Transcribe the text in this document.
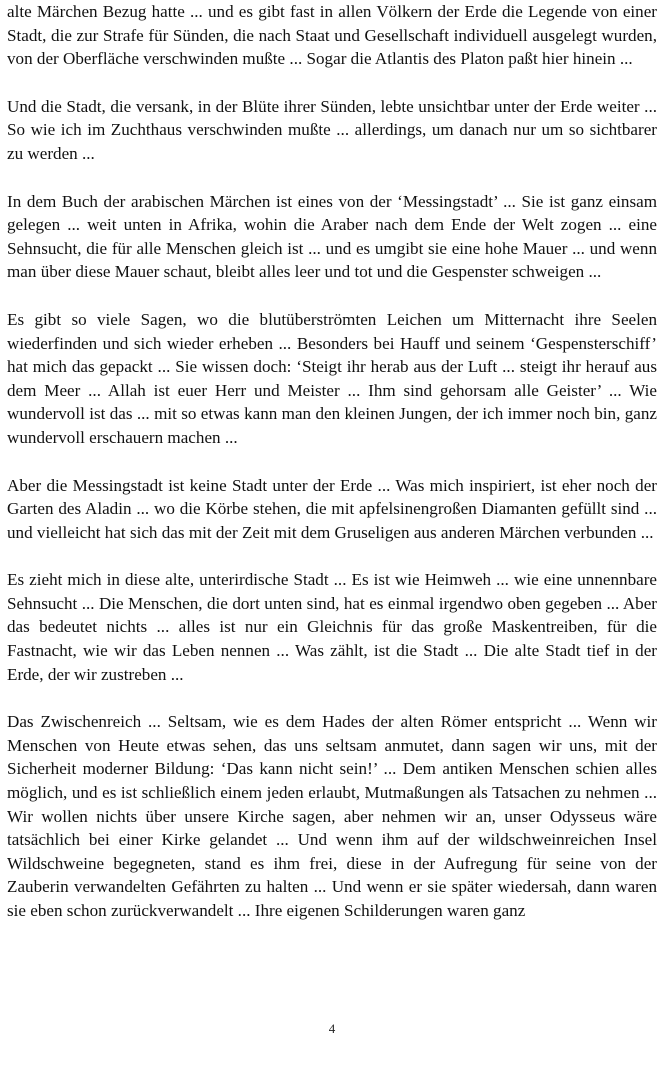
alte Märchen Bezug hatte ... und es gibt fast in allen Völkern der Erde die Legende von einer Stadt, die zur Strafe für Sünden, die nach Staat und Gesellschaft individuell ausgelegt wurden, von der Oberfläche verschwinden mußte ... Sogar die Atlantis des Platon paßt hier hinein ...

Und die Stadt, die versank, in der Blüte ihrer Sünden, lebte unsichtbar unter der Erde weiter ... So wie ich im Zuchthaus verschwinden mußte ... allerdings, um danach nur um so sichtbarer zu werden ...

In dem Buch der arabischen Märchen ist eines von der ‘Messingstadt’ ... Sie ist ganz einsam gelegen ... weit unten in Afrika, wohin die Araber nach dem Ende der Welt zogen ... eine Sehnsucht, die für alle Menschen gleich ist ... und es umgibt sie eine hohe Mauer ... und wenn man über diese Mauer schaut, bleibt alles leer und tot und die Gespenster schweigen ...

Es gibt so viele Sagen, wo die blutüberströmten Leichen um Mitternacht ihre Seelen wiederfinden und sich wieder erheben ... Besonders bei Hauff und seinem ‘Gespensterschiff’ hat mich das gepackt ... Sie wissen doch: ‘Steigt ihr herab aus der Luft ... steigt ihr herauf aus dem Meer ... Allah ist euer Herr und Meister ... Ihm sind gehorsam alle Geister’ ... Wie wundervoll ist das ... mit so etwas kann man den kleinen Jungen, der ich immer noch bin, ganz wundervoll erschauern machen ...

Aber die Messingstadt ist keine Stadt unter der Erde ... Was mich inspiriert, ist eher noch der Garten des Aladin ... wo die Körbe stehen, die mit apfelsinengroßen Diamanten gefüllt sind ... und vielleicht hat sich das mit der Zeit mit dem Gruseligen aus anderen Märchen verbunden ...

Es zieht mich in diese alte, unterirdische Stadt ... Es ist wie Heimweh ... wie eine unnennbare Sehnsucht ... Die Menschen, die dort unten sind, hat es einmal irgendwo oben gegeben ... Aber das bedeutet nichts ... alles ist nur ein Gleichnis für das große Maskentreiben, für die Fastnacht, wie wir das Leben nennen ... Was zählt, ist die Stadt ... Die alte Stadt tief in der Erde, der wir zustreben ...

Das Zwischenreich ... Seltsam, wie es dem Hades der alten Römer entspricht ... Wenn wir Menschen von Heute etwas sehen, das uns seltsam anmutet, dann sagen wir uns, mit der Sicherheit moderner Bildung: ‘Das kann nicht sein!’ ... Dem antiken Menschen schien alles möglich, und es ist schließlich einem jeden erlaubt, Mutmaßungen als Tatsachen zu nehmen ... Wir wollen nichts über unsere Kirche sagen, aber nehmen wir an, unser Odysseus wäre tatsächlich bei einer Kirke gelandet ... Und wenn ihm auf der wildschweinreichen Insel Wildschweine begegneten, stand es ihm frei, diese in der Aufregung für seine von der Zauberin verwandelten Gefährten zu halten ... Und wenn er sie später wiedersah, dann waren sie eben schon zurückverwandelt ... Ihre eigenen Schilderungen waren ganz

4
